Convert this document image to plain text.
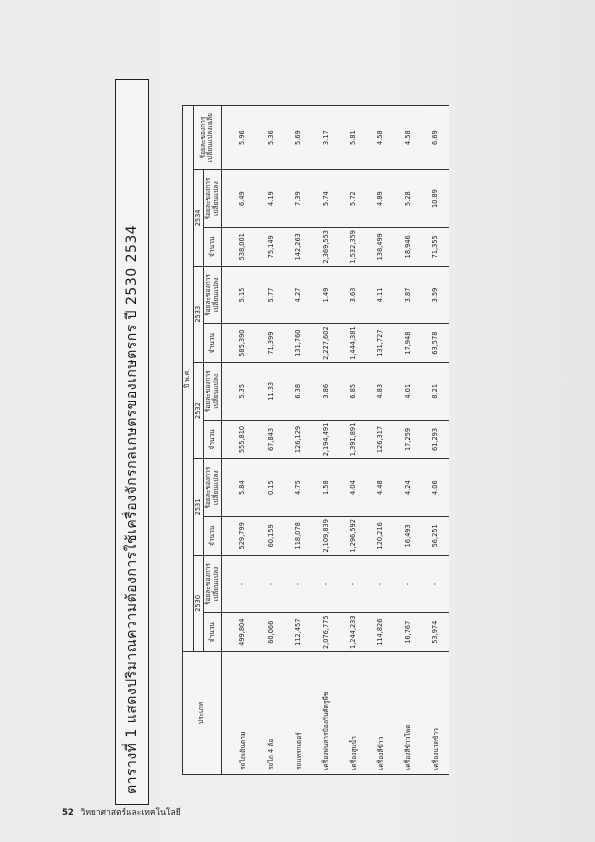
ตารางที่ 1 แสดงปริมาณความต้องการใช้เครื่องจักรกลเกษตรของเกษตรกร ปี 2530 2534	ประเภท	ปี พ.ศ.										
	2530		2531		2532		2533		2534		ร้อยละของการเปลี่ยนแปลงเฉลี่ย
	จำนวน	ร้อยละของการเปลี่ยนแปลง	จำนวน	ร้อยละของการเปลี่ยนแปลง	จำนวน	ร้อยละของการเปลี่ยนแปลง	จำนวน	ร้อยละของการเปลี่ยนแปลง	จำนวน	ร้อยละของการเปลี่ยนแปลง	
รถไถเดินตาม	499,804	-	529,799	5.84	555,810	5.35	585,390	5.15	538,001	6.49	5.96
รถไถ 4 ล้อ	60,066	-	60,159	0.15	67,843	11.33	71,399	5.77	75,149	4.19	5.36
รถแทรกเตอร์	112,457	-	118,078	4.75	126,129	6.38	131,760	4.27	142,263	7.39	5.69
เครื่องพ่นสารป้องกันศัตรูพืช	2,076,775	-	2,109,839	1.58	2,194,491	3.86	2,227,602	1.49	2,369,553	5.74	3.17
เครื่องสูบน้ำ	1,244,233	-	1,296,592	4.04	1,391,891	6.85	1,444,381	3.63	1,532,359	5.72	5.81
เครื่องสีข้าว	114,826	-	120,216	4.48	126,317	4.83	131,727	4.11	138,499	4.89	4.58
เครื่องสีข้าวโพด	16,767	-	16,493	4.24	17,259	4.01	17,948	3.87	18,946	5.28	4.58
เครื่องนวดข้าว	53,974	-	56,251	4.06	61,293	8.21	63,578	3.59	71,355	10.89	6.69
52 วิทยาศาสตร์และเทคโนโลยี
